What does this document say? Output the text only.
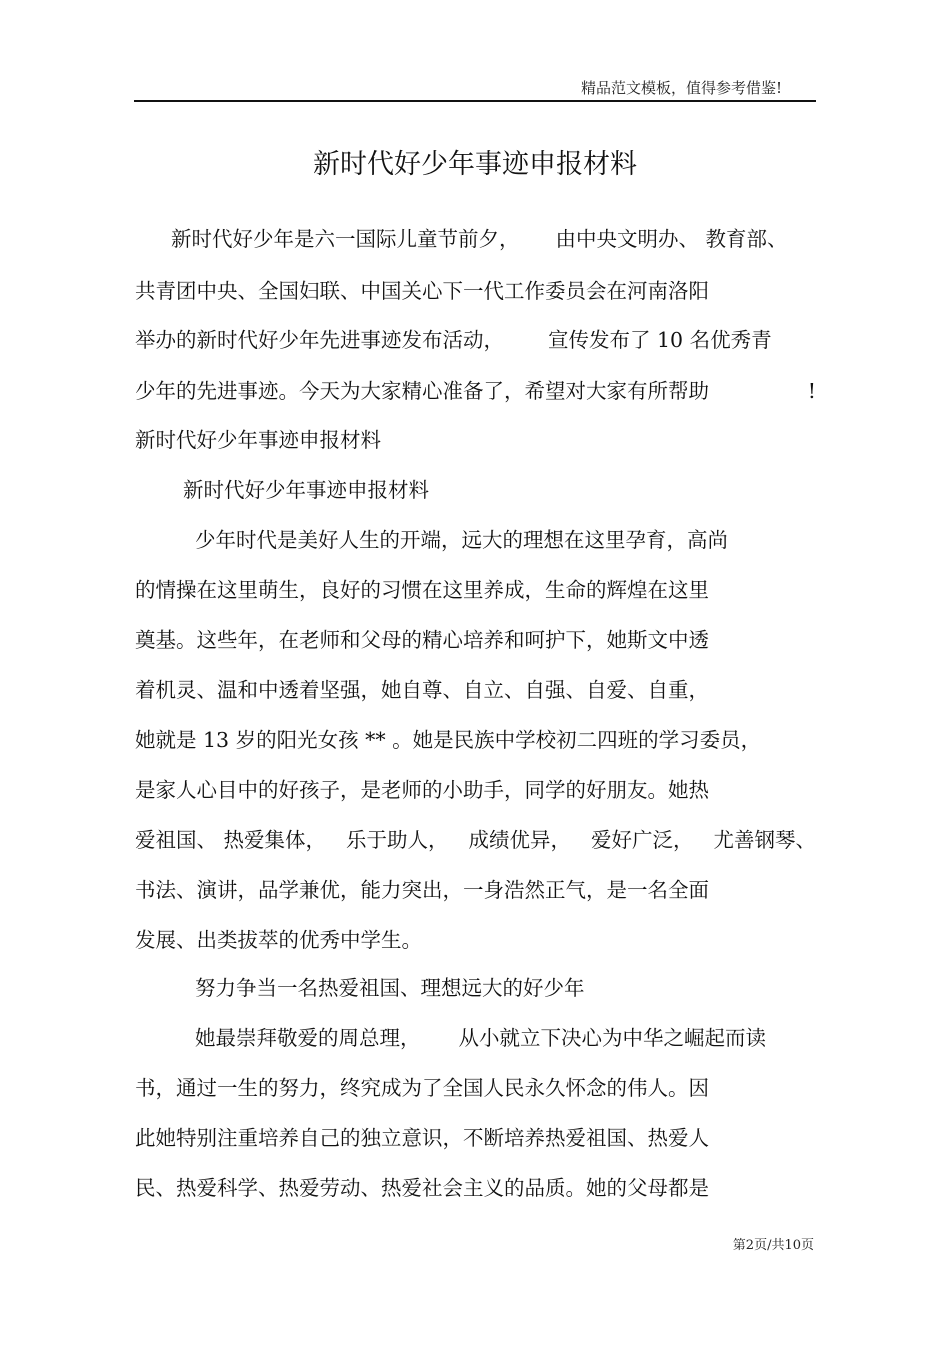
精品范文模板，值得参考借鉴!
新时代好少年事迹申报材料
新时代好少年是六一国际儿童节前夕， 由中央文明办、 教育部、
共青团中央、全国妇联、中国关心下一代工作委员会在河南洛阳
举办的新时代好少年先进事迹发布活动， 宣传发布了 10 名优秀青
少年的先进事迹。今天为大家精心准备了，希望对大家有所帮助	!
新时代好少年事迹申报材料
新时代好少年事迹申报材料
少年时代是美好人生的开端，远大的理想在这里孕育，高尚
的情操在这里萌生，良好的习惯在这里养成，生命的辉煌在这里
奠基。这些年，在老师和父母的精心培养和呵护下，她斯文中透
着机灵、温和中透着坚强，她自尊、自立、自强、自爱、自重，
她就是 13 岁的阳光女孩 ** 。她是民族中学校初二四班的学习委员，
是家人心目中的好孩子，是老师的小助手，同学的好朋友。她热
爱祖国、 热爱集体， 乐于助人， 成绩优异， 爱好广泛， 尤善钢琴、
书法、演讲，品学兼优，能力突出，一身浩然正气，是一名全面
发展、出类拔萃的优秀中学生。
努力争当一名热爱祖国、理想远大的好少年
她最崇拜敬爱的周总理， 从小就立下决心为中华之崛起而读
书，通过一生的努力，终究成为了全国人民永久怀念的伟人。因
此她特别注重培养自己的独立意识，不断培养热爱祖国、热爱人
民、热爱科学、热爱劳动、热爱社会主义的品质。她的父母都是
第2页/共10页
